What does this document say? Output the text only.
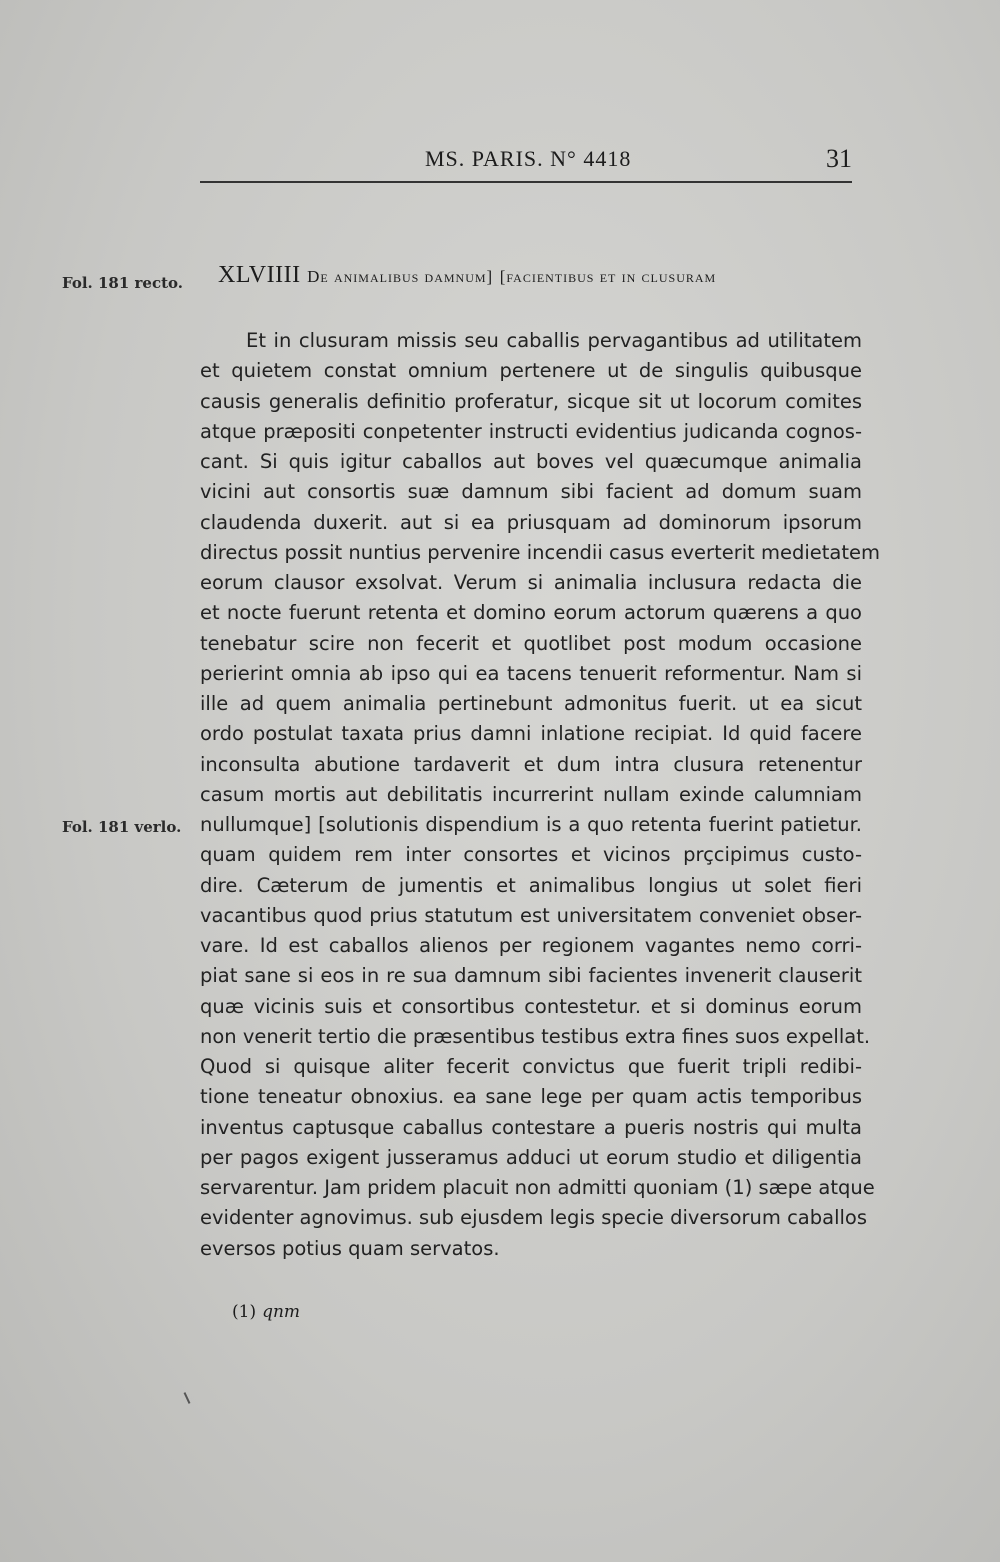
MS. PARIS. N° 4418	31
Fol. 181 recto.
Fol. 181 verlo.
XLVIIII De animalibus damnum] [facientibus et in clusuram
Et in clusuram missis seu caballis pervagantibus ad utilitatem
et quietem constat omnium pertenere ut de singulis quibusque
causis generalis definitio proferatur, sicque sit ut locorum comites
atque præpositi conpetenter instructi evidentius judicanda cognos-
cant. Si quis igitur caballos aut boves vel quæcumque animalia
vicini aut consortis suæ damnum sibi facient ad domum suam
claudenda duxerit. aut si ea priusquam ad dominorum ipsorum
directus possit nuntius pervenire incendii casus everterit medietatem
eorum clausor exsolvat. Verum si animalia inclusura redacta die
et nocte fuerunt retenta et domino eorum actorum quærens a quo
tenebatur scire non fecerit et quotlibet post modum occasione
perierint omnia ab ipso qui ea tacens tenuerit reformentur. Nam si
ille ad quem animalia pertinebunt admonitus fuerit. ut ea sicut
ordo postulat taxata prius damni inlatione recipiat. Id quid facere
inconsulta abutione tardaverit et dum intra clusura retenentur
casum mortis aut debilitatis incurrerint nullam exinde calumniam
nullumque] [solutionis dispendium is a quo retenta fuerint patietur.
quam quidem rem inter consortes et vicinos prçcipimus custo-
dire. Cæterum de jumentis et animalibus longius ut solet fieri
vacantibus quod prius statutum est universitatem conveniet obser-
vare. Id est caballos alienos per regionem vagantes nemo corri-
piat sane si eos in re sua damnum sibi facientes invenerit clauserit
quæ vicinis suis et consortibus contestetur. et si dominus eorum
non venerit tertio die præsentibus testibus extra fines suos expellat.
Quod si quisque aliter fecerit convictus que fuerit tripli redibi-
tione teneatur obnoxius. ea sane lege per quam actis temporibus
inventus captusque caballus contestare a pueris nostris qui multa
per pagos exigent jusseramus adduci ut eorum studio et diligentia
servarentur. Jam pridem placuit non admitti quoniam (1) sæpe atque
evidenter agnovimus. sub ejusdem legis specie diversorum caballos
eversos potius quam servatos.
(1) qnm
